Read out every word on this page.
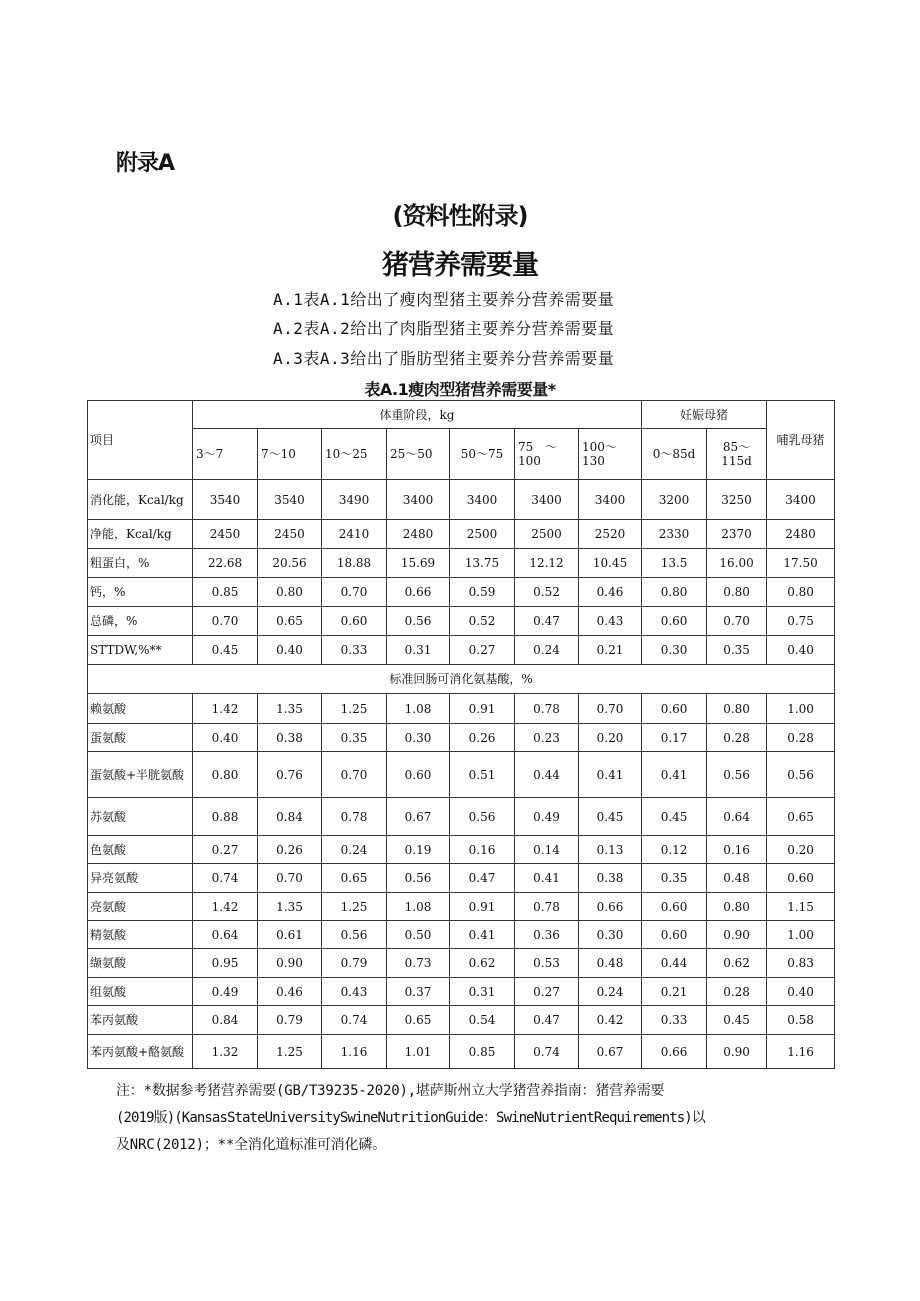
附录A
(资料性附录)
猪营养需要量
A.1表A.1给出了瘦肉型猪主要养分营养需要量
A.2表A.2给出了肉脂型猪主要养分营养需要量
A.3表A.3给出了脂肪型猪主要养分营养需要量
表A.1瘦肉型猪营养需要量*
项目	体重阶段，kg							妊娠母猪		哺乳母猪
	3～7	7～10	10～25	25～50	50～75	75　～100	100～130	0～85d	85～115d	
消化能，Kcal/kg	3540	3540	3490	3400	3400	3400	3400	3200	3250	3400
净能，Kcal/kg	2450	2450	2410	2480	2500	2500	2520	2330	2370	2480
粗蛋白，%	22.68	20.56	18.88	15.69	13.75	12.12	10.45	13.5	16.00	17.50
钙，%	0.85	0.80	0.70	0.66	0.59	0.52	0.46	0.80	0.80	0.80
总磷，%	0.70	0.65	0.60	0.56	0.52	0.47	0.43	0.60	0.70	0.75
STTDW,%**	0.45	0.40	0.33	0.31	0.27	0.24	0.21	0.30	0.35	0.40
标准回肠可消化氨基酸，%										
赖氨酸	1.42	1.35	1.25	1.08	0.91	0.78	0.70	0.60	0.80	1.00
蛋氨酸	0.40	0.38	0.35	0.30	0.26	0.23	0.20	0.17	0.28	0.28
蛋氨酸+半胱氨酸	0.80	0.76	0.70	0.60	0.51	0.44	0.41	0.41	0.56	0.56
苏氨酸	0.88	0.84	0.78	0.67	0.56	0.49	0.45	0.45	0.64	0.65
色氨酸	0.27	0.26	0.24	0.19	0.16	0.14	0.13	0.12	0.16	0.20
异亮氨酸	0.74	0.70	0.65	0.56	0.47	0.41	0.38	0.35	0.48	0.60
亮氨酸	1.42	1.35	1.25	1.08	0.91	0.78	0.66	0.60	0.80	1.15
精氨酸	0.64	0.61	0.56	0.50	0.41	0.36	0.30	0.60	0.90	1.00
缬氨酸	0.95	0.90	0.79	0.73	0.62	0.53	0.48	0.44	0.62	0.83
组氨酸	0.49	0.46	0.43	0.37	0.31	0.27	0.24	0.21	0.28	0.40
苯丙氨酸	0.84	0.79	0.74	0.65	0.54	0.47	0.42	0.33	0.45	0.58
苯丙氨酸+酪氨酸	1.32	1.25	1.16	1.01	0.85	0.74	0.67	0.66	0.90	1.16
注：*数据参考猪营养需要(GB/T39235-2020),堪萨斯州立大学猪营养指南：猪营养需要
(2019版)(KansasStateUniversitySwineNutritionGuide：SwineNutrientRequirements)以
及NRC(2012)；**全消化道标准可消化磷。
